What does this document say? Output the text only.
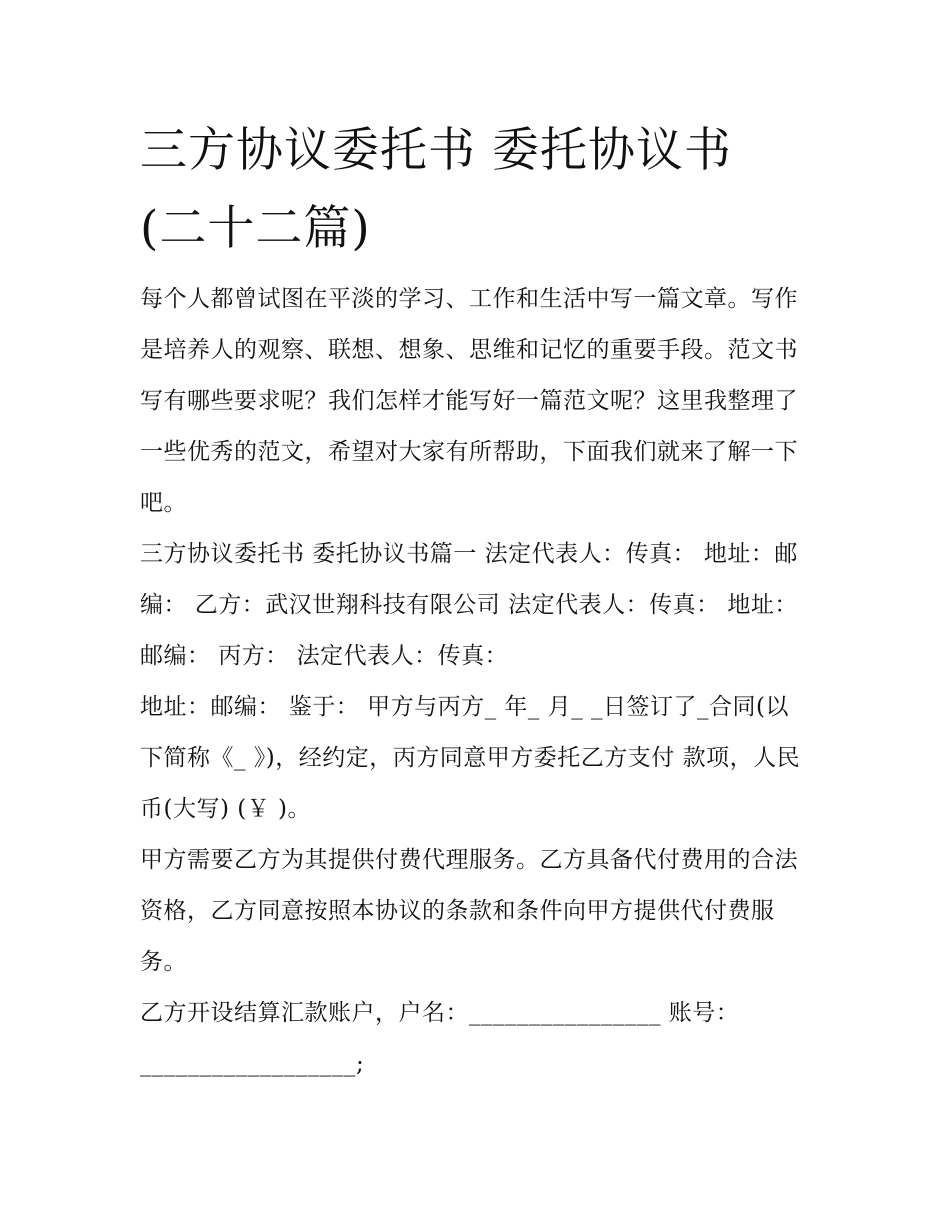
三方协议委托书 委托协议书
(二十二篇)

每个人都曾试图在平淡的学习、工作和生活中写一篇文章。写作是培养人的观察、联想、想象、思维和记忆的重要手段。范文书写有哪些要求呢？我们怎样才能写好一篇范文呢？这里我整理了一些优秀的范文，希望对大家有所帮助，下面我们就来了解一下吧。

三方协议委托书 委托协议书篇一 法定代表人：传真： 地址：邮编： 乙方：武汉世翔科技有限公司 法定代表人：传真： 地址：邮编： 丙方： 法定代表人：传真：

地址：邮编： 鉴于： 甲方与丙方_ 年_ 月_ _日签订了_合同(以下简称《_ 》)，经约定，丙方同意甲方委托乙方支付 款项，人民币(大写) (￥ )。

甲方需要乙方为其提供付费代理服务。乙方具备代付费用的合法资格，乙方同意按照本协议的条款和条件向甲方提供代付费服务。

乙方开设结算汇款账户，户名：________________ 账号：__________________;
